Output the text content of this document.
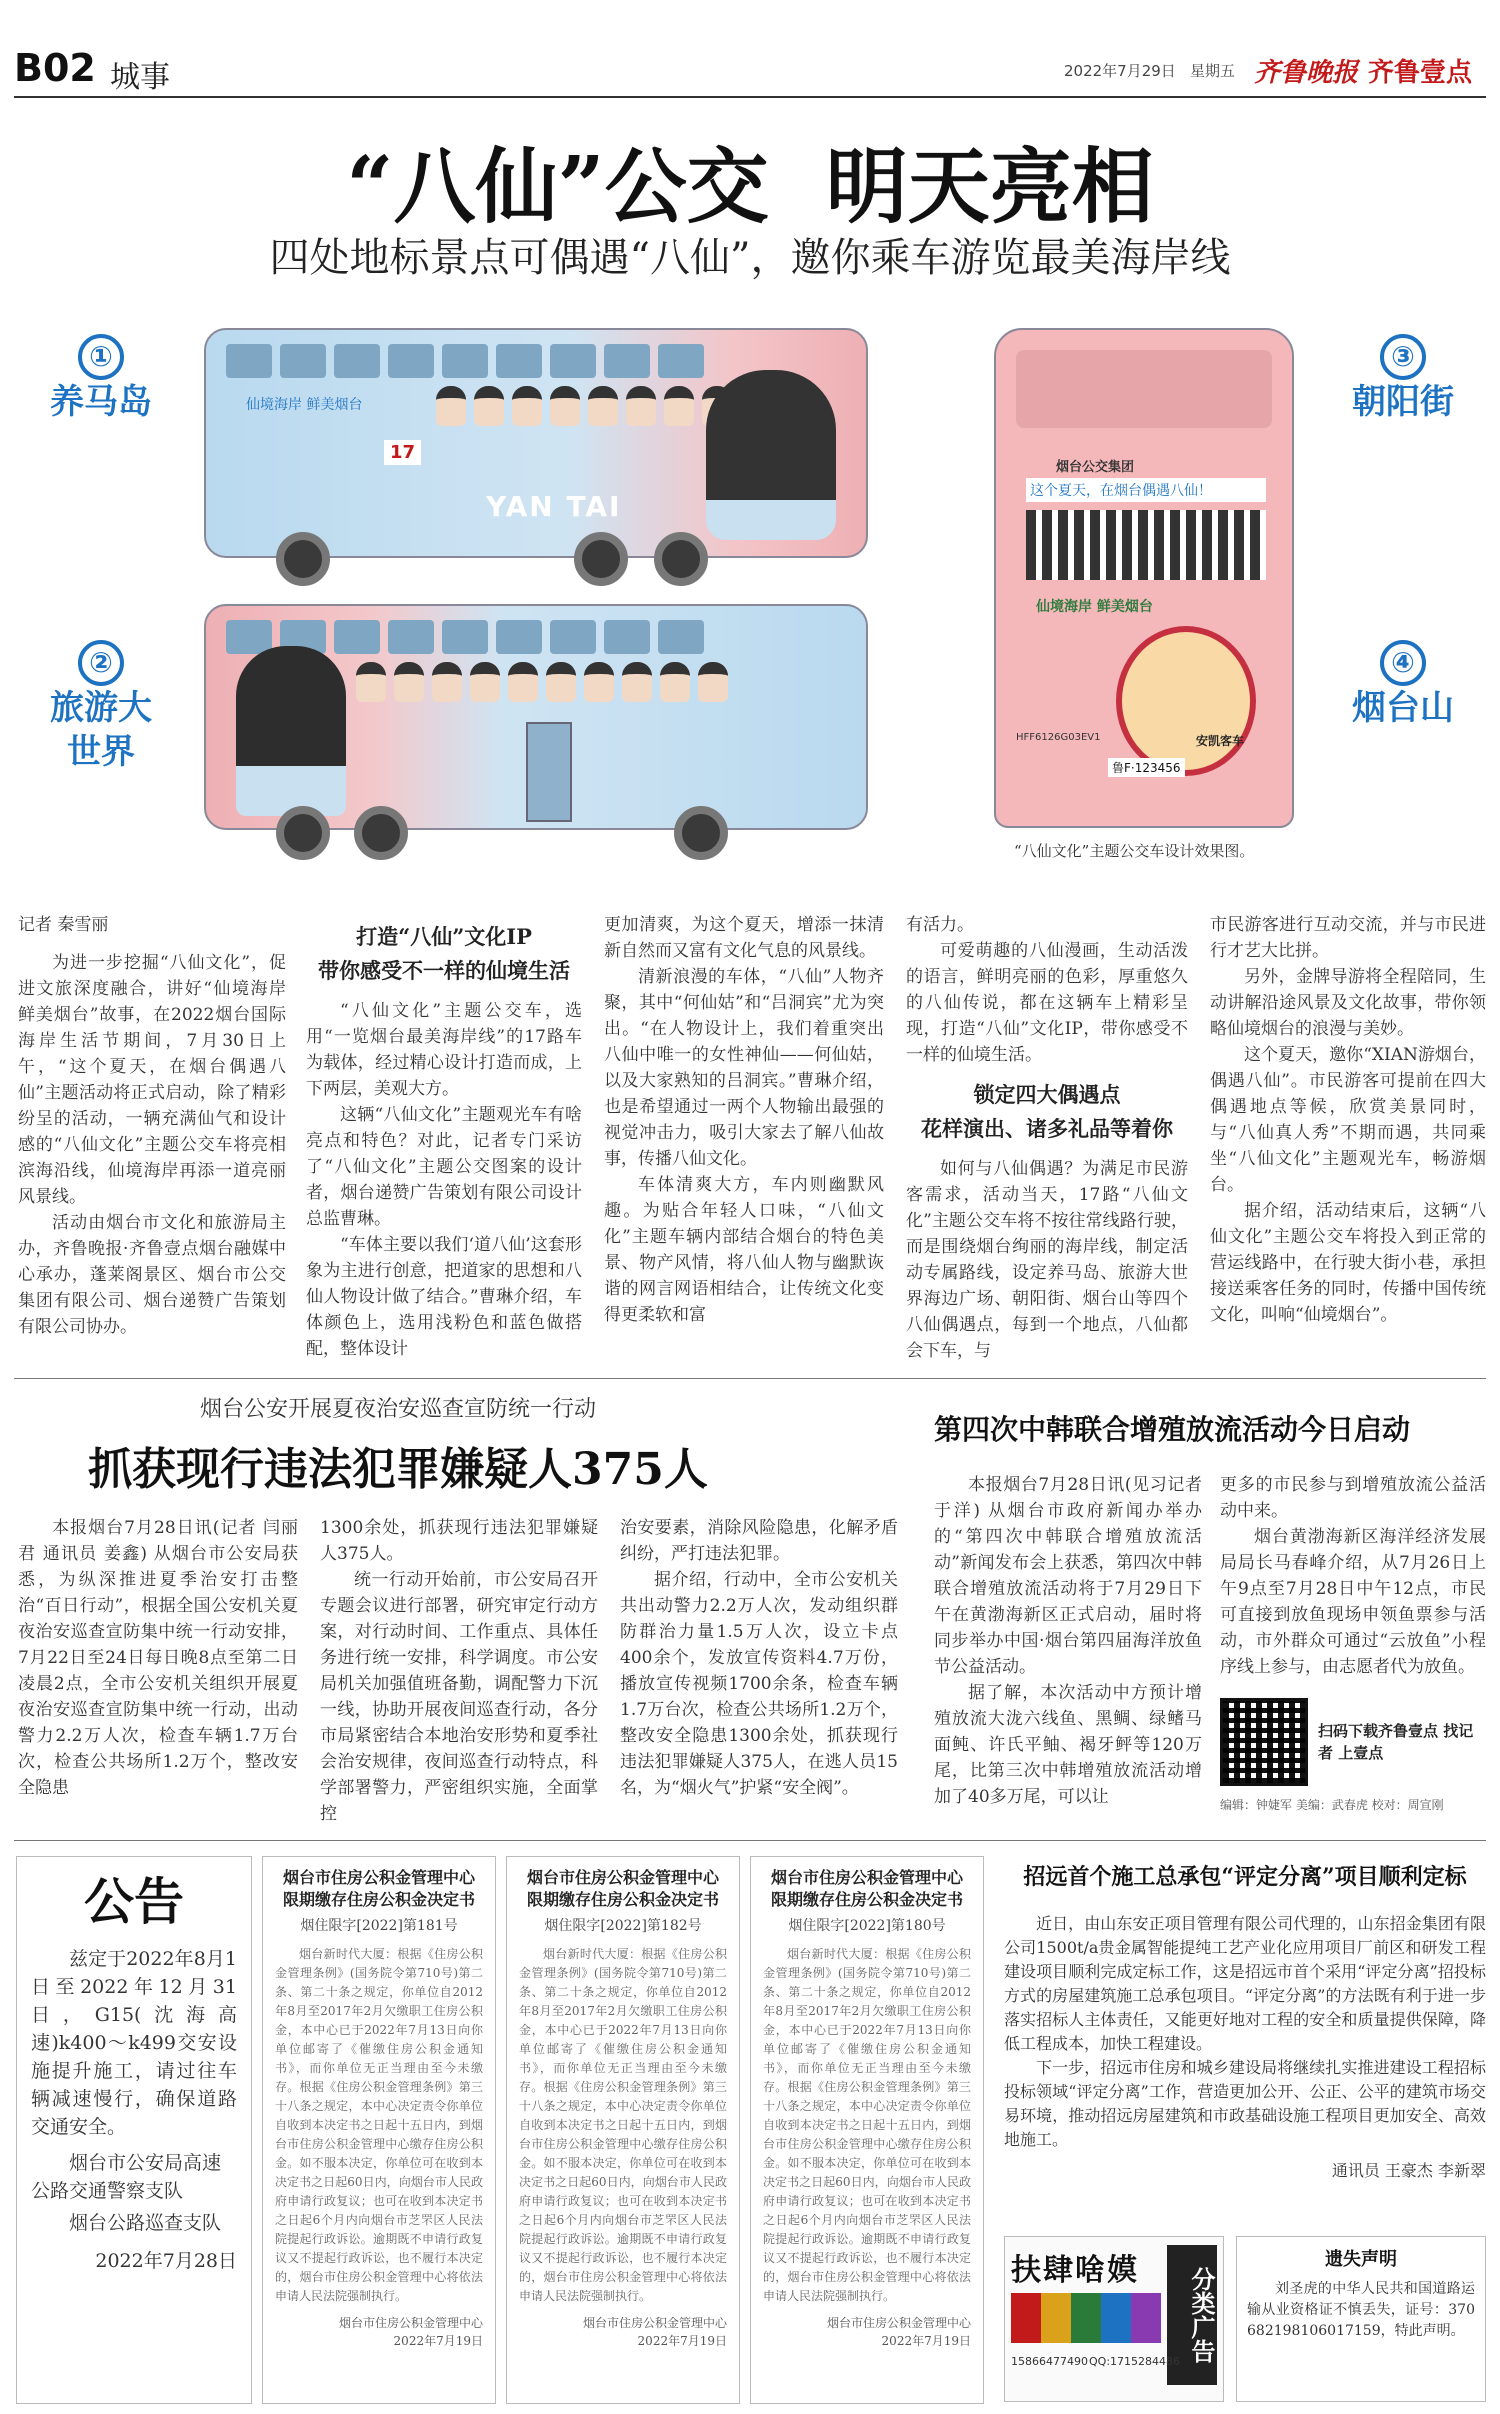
B02 城事	2022年7月29日 星期五 齐鲁晚报 齐鲁壹点
“八仙”公交  明天亮相
四处地标景点可偶遇“八仙”，邀你乘车游览最美海岸线
①
养马岛
②
旅游大世界
③
朝阳街
④
烟台山
仙境海岸 鲜美烟台
17
YAN TAI
烟台公交集团
这个夏天，在烟台偶遇八仙！
仙境海岸 鲜美烟台
HFF6126G03EV1	安凯客车
鲁F·123456
“八仙文化”主题公交车设计效果图。

记者 秦雪丽

为进一步挖掘“八仙文化”，促进文旅深度融合，讲好“仙境海岸 鲜美烟台”故事，在2022烟台国际海岸生活节期间，7月30日上午，“这个夏天，在烟台偶遇八仙”主题活动将正式启动，除了精彩纷呈的活动，一辆充满仙气和设计感的“八仙文化”主题公交车将亮相滨海沿线，仙境海岸再添一道亮丽风景线。

活动由烟台市文化和旅游局主办，齐鲁晚报·齐鲁壹点烟台融媒中心承办，蓬莱阁景区、烟台市公交集团有限公司、烟台递赞广告策划有限公司协办。

打造“八仙”文化IP
带你感受不一样的仙境生活

“八仙文化”主题公交车，选用“一览烟台最美海岸线”的17路车为载体，经过精心设计打造而成，上下两层，美观大方。

这辆“八仙文化”主题观光车有啥亮点和特色？对此，记者专门采访了“八仙文化”主题公交图案的设计者，烟台递赞广告策划有限公司设计总监曹琳。

“车体主要以我们‘道八仙’这套形象为主进行创意，把道家的思想和八仙人物设计做了结合。”曹琳介绍，车体颜色上，选用浅粉色和蓝色做搭配，整体设计

更加清爽，为这个夏天，增添一抹清新自然而又富有文化气息的风景线。

清新浪漫的车体，“八仙”人物齐聚，其中“何仙姑”和“吕洞宾”尤为突出。“在人物设计上，我们着重突出八仙中唯一的女性神仙——何仙姑，以及大家熟知的吕洞宾。”曹琳介绍，也是希望通过一两个人物输出最强的视觉冲击力，吸引大家去了解八仙故事，传播八仙文化。

车体清爽大方，车内则幽默风趣。为贴合年轻人口味，“八仙文化”主题车辆内部结合烟台的特色美景、物产风情，将八仙人物与幽默诙谐的网言网语相结合，让传统文化变得更柔软和富

有活力。

可爱萌趣的八仙漫画，生动活泼的语言，鲜明亮丽的色彩，厚重悠久的八仙传说，都在这辆车上精彩呈现，打造“八仙”文化IP，带你感受不一样的仙境生活。

锁定四大偶遇点
花样演出、诸多礼品等着你

如何与八仙偶遇？为满足市民游客需求，活动当天，17路“八仙文化”主题公交车将不按往常线路行驶，而是围绕烟台绚丽的海岸线，制定活动专属路线，设定养马岛、旅游大世界海边广场、朝阳街、烟台山等四个八仙偶遇点，每到一个地点，八仙都会下车，与

市民游客进行互动交流，并与市民进行才艺大比拼。

另外，金牌导游将全程陪同，生动讲解沿途风景及文化故事，带你领略仙境烟台的浪漫与美妙。

这个夏天，邀你“XIAN游烟台，偶遇八仙”。市民游客可提前在四大偶遇地点等候，欣赏美景同时，与“八仙真人秀”不期而遇，共同乘坐“八仙文化”主题观光车，畅游烟台。

据介绍，活动结束后，这辆“八仙文化”主题公交车将投入到正常的营运线路中，在行驶大街小巷，承担接送乘客任务的同时，传播中国传统文化，叫响“仙境烟台”。

烟台公安开展夏夜治安巡查宣防统一行动
抓获现行违法犯罪嫌疑人375人

本报烟台7月28日讯(记者 闫丽君 通讯员 姜鑫) 从烟台市公安局获悉，为纵深推进夏季治安打击整治“百日行动”，根据全国公安机关夏夜治安巡查宣防集中统一行动安排，7月22日至24日每日晚8点至第二日凌晨2点，全市公安机关组织开展夏夜治安巡查宣防集中统一行动，出动警力2.2万人次，检查车辆1.7万台次，检查公共场所1.2万个，整改安全隐患

1300余处，抓获现行违法犯罪嫌疑人375人。

统一行动开始前，市公安局召开专题会议进行部署，研究审定行动方案，对行动时间、工作重点、具体任务进行统一安排，科学调度。市公安局机关加强值班备勤，调配警力下沉一线，协助开展夜间巡查行动，各分市局紧密结合本地治安形势和夏季社会治安规律，夜间巡查行动特点，科学部署警力，严密组织实施，全面掌控

治安要素，消除风险隐患，化解矛盾纠纷，严打违法犯罪。

据介绍，行动中，全市公安机关共出动警力2.2万人次，发动组织群防群治力量1.5万人次，设立卡点400余个，发放宣传资料4.7万份，播放宣传视频1700余条，检查车辆1.7万台次，检查公共场所1.2万个，整改安全隐患1300余处，抓获现行违法犯罪嫌疑人375人，在逃人员15名，为“烟火气”护紧“安全阀”。

第四次中韩联合增殖放流活动今日启动

本报烟台7月28日讯(见习记者 于洋) 从烟台市政府新闻办举办的“第四次中韩联合增殖放流活动”新闻发布会上获悉，第四次中韩联合增殖放流活动将于7月29日下午在黄渤海新区正式启动，届时将同步举办中国·烟台第四届海洋放鱼节公益活动。

据了解，本次活动中方预计增殖放流大泷六线鱼、黑鲷、绿鳍马面鲀、许氏平鲉、褐牙鲆等120万尾，比第三次中韩增殖放流活动增加了40多万尾，可以让

更多的市民参与到增殖放流公益活动中来。

烟台黄渤海新区海洋经济发展局局长马春峰介绍，从7月26日上午9点至7月28日中午12点，市民可直接到放鱼现场申领鱼票参与活动，市外群众可通过“云放鱼”小程序线上参与，由志愿者代为放鱼。

扫码下载齐鲁壹点 找记者 上壹点
编辑：钟婕军 美编：武春虎 校对：周宣刚
公告
兹定于2022年8月1日至2022年12月31日，G15(沈海高速)k400～k499交安设施提升施工，请过往车辆减速慢行，确保道路交通安全。
烟台市公安局高速公路交通警察支队
烟台公路巡查支队
2022年7月28日
烟台市住房公积金管理中心
限期缴存住房公积金决定书
烟住限字[2022]第181号
烟台新时代大厦：根据《住房公积金管理条例》(国务院令第710号)第二条、第二十条之规定，你单位自2012年8月至2017年2月欠缴职工住房公积金，本中心已于2022年7月13日向你单位邮寄了《催缴住房公积金通知书》，而你单位无正当理由至今未缴存。根据《住房公积金管理条例》第三十八条之规定，本中心决定责令你单位自收到本决定书之日起十五日内，到烟台市住房公积金管理中心缴存住房公积金。如不服本决定，你单位可在收到本决定书之日起60日内，向烟台市人民政府申请行政复议；也可在收到本决定书之日起6个月内向烟台市芝罘区人民法院提起行政诉讼。逾期既不申请行政复议又不提起行政诉讼，也不履行本决定的，烟台市住房公积金管理中心将依法申请人民法院强制执行。
烟台市住房公积金管理中心
2022年7月19日
烟台市住房公积金管理中心
限期缴存住房公积金决定书
烟住限字[2022]第182号
烟台新时代大厦：根据《住房公积金管理条例》(国务院令第710号)第二条、第二十条之规定，你单位自2012年8月至2017年2月欠缴职工住房公积金，本中心已于2022年7月13日向你单位邮寄了《催缴住房公积金通知书》，而你单位无正当理由至今未缴存。根据《住房公积金管理条例》第三十八条之规定，本中心决定责令你单位自收到本决定书之日起十五日内，到烟台市住房公积金管理中心缴存住房公积金。如不服本决定，你单位可在收到本决定书之日起60日内，向烟台市人民政府申请行政复议；也可在收到本决定书之日起6个月内向烟台市芝罘区人民法院提起行政诉讼。逾期既不申请行政复议又不提起行政诉讼，也不履行本决定的，烟台市住房公积金管理中心将依法申请人民法院强制执行。
烟台市住房公积金管理中心
2022年7月19日
烟台市住房公积金管理中心
限期缴存住房公积金决定书
烟住限字[2022]第180号
烟台新时代大厦：根据《住房公积金管理条例》(国务院令第710号)第二条、第二十条之规定，你单位自2012年8月至2017年2月欠缴职工住房公积金，本中心已于2022年7月13日向你单位邮寄了《催缴住房公积金通知书》，而你单位无正当理由至今未缴存。根据《住房公积金管理条例》第三十八条之规定，本中心决定责令你单位自收到本决定书之日起十五日内，到烟台市住房公积金管理中心缴存住房公积金。如不服本决定，你单位可在收到本决定书之日起60日内，向烟台市人民政府申请行政复议；也可在收到本决定书之日起6个月内向烟台市芝罘区人民法院提起行政诉讼。逾期既不申请行政复议又不提起行政诉讼，也不履行本决定的，烟台市住房公积金管理中心将依法申请人民法院强制执行。
烟台市住房公积金管理中心
2022年7月19日
招远首个施工总承包“评定分离”项目顺利定标
近日，由山东安正项目管理有限公司代理的，山东招金集团有限公司1500t/a贵金属智能提纯工艺产业化应用项目厂前区和研发工程建设项目顺利完成定标工作，这是招远市首个采用“评定分离”招投标方式的房屋建筑施工总承包项目。“评定分离”的方法既有利于进一步落实招标人主体责任，又能更好地对工程的安全和质量提供保障，降低工程成本，加快工程建设。
下一步，招远市住房和城乡建设局将继续扎实推进建设工程招标投标领域“评定分离”工作，营造更加公开、公正、公平的建筑市场交易环境，推动招远房屋建筑和市政基础设施工程项目更加安全、高效地施工。
通讯员 王豪杰 李新翠
扶 肆 啥 嫫	分类广告
15866477490 QQ:1715284486
遗失声明
刘圣虎的中华人民共和国道路运输从业资格证不慎丢失，证号：370682198106017159，特此声明。
